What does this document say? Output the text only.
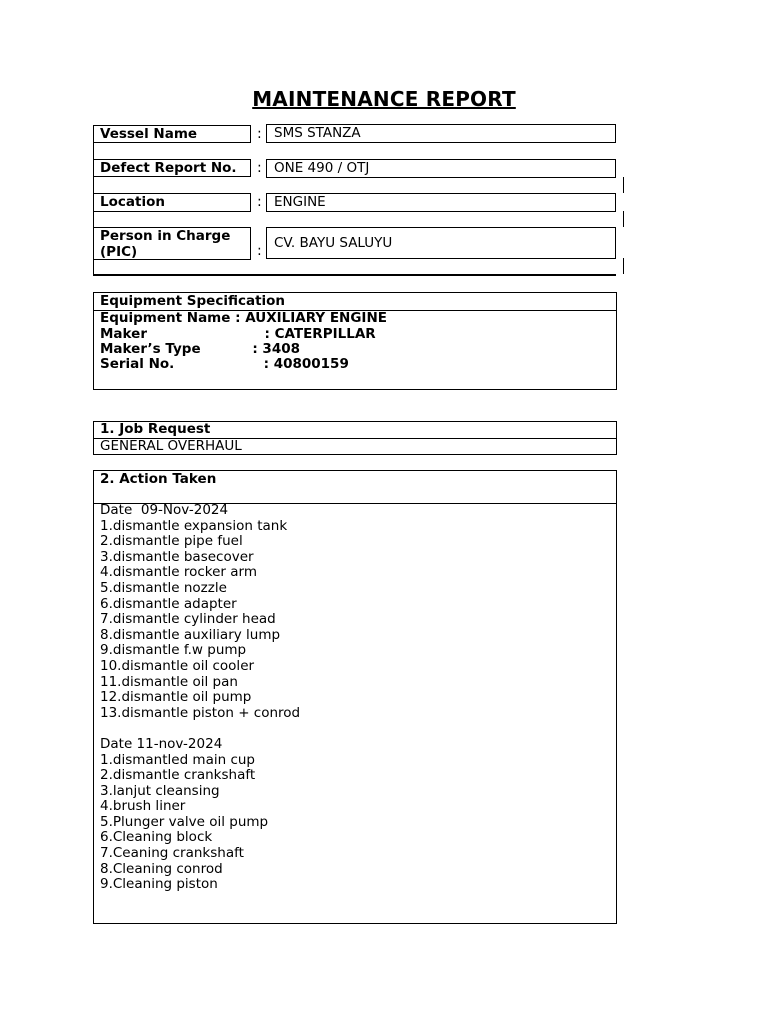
MAINTENANCE REPORT
Vessel Name	: SMS STANZA
Defect Report No.	: ONE 490 / OTJ
Location	: ENGINE
Person in Charge (PIC)	: CV. BAYU SALUYU
Equipment Specification
Equipment Name : AUXILIARY ENGINE
Maker                         : CATERPILLAR
Maker’s Type           : 3408
Serial No.                   : 40800159
1. Job Request
GENERAL OVERHAUL
2. Action Taken
Date  09-Nov-2024
1.dismantle expansion tank
2.dismantle pipe fuel
3.dismantle basecover
4.dismantle rocker arm
5.dismantle nozzle
6.dismantle adapter
7.dismantle cylinder head
8.dismantle auxiliary lump
9.dismantle f.w pump
10.dismantle oil cooler
11.dismantle oil pan
12.dismantle oil pump
13.dismantle piston + conrod
Date 11-nov-2024
1.dismantled main cup
2.dismantle crankshaft
3.lanjut cleansing
4.brush liner
5.Plunger valve oil pump
6.Cleaning block
7.Ceaning crankshaft
8.Cleaning conrod
9.Cleaning piston
